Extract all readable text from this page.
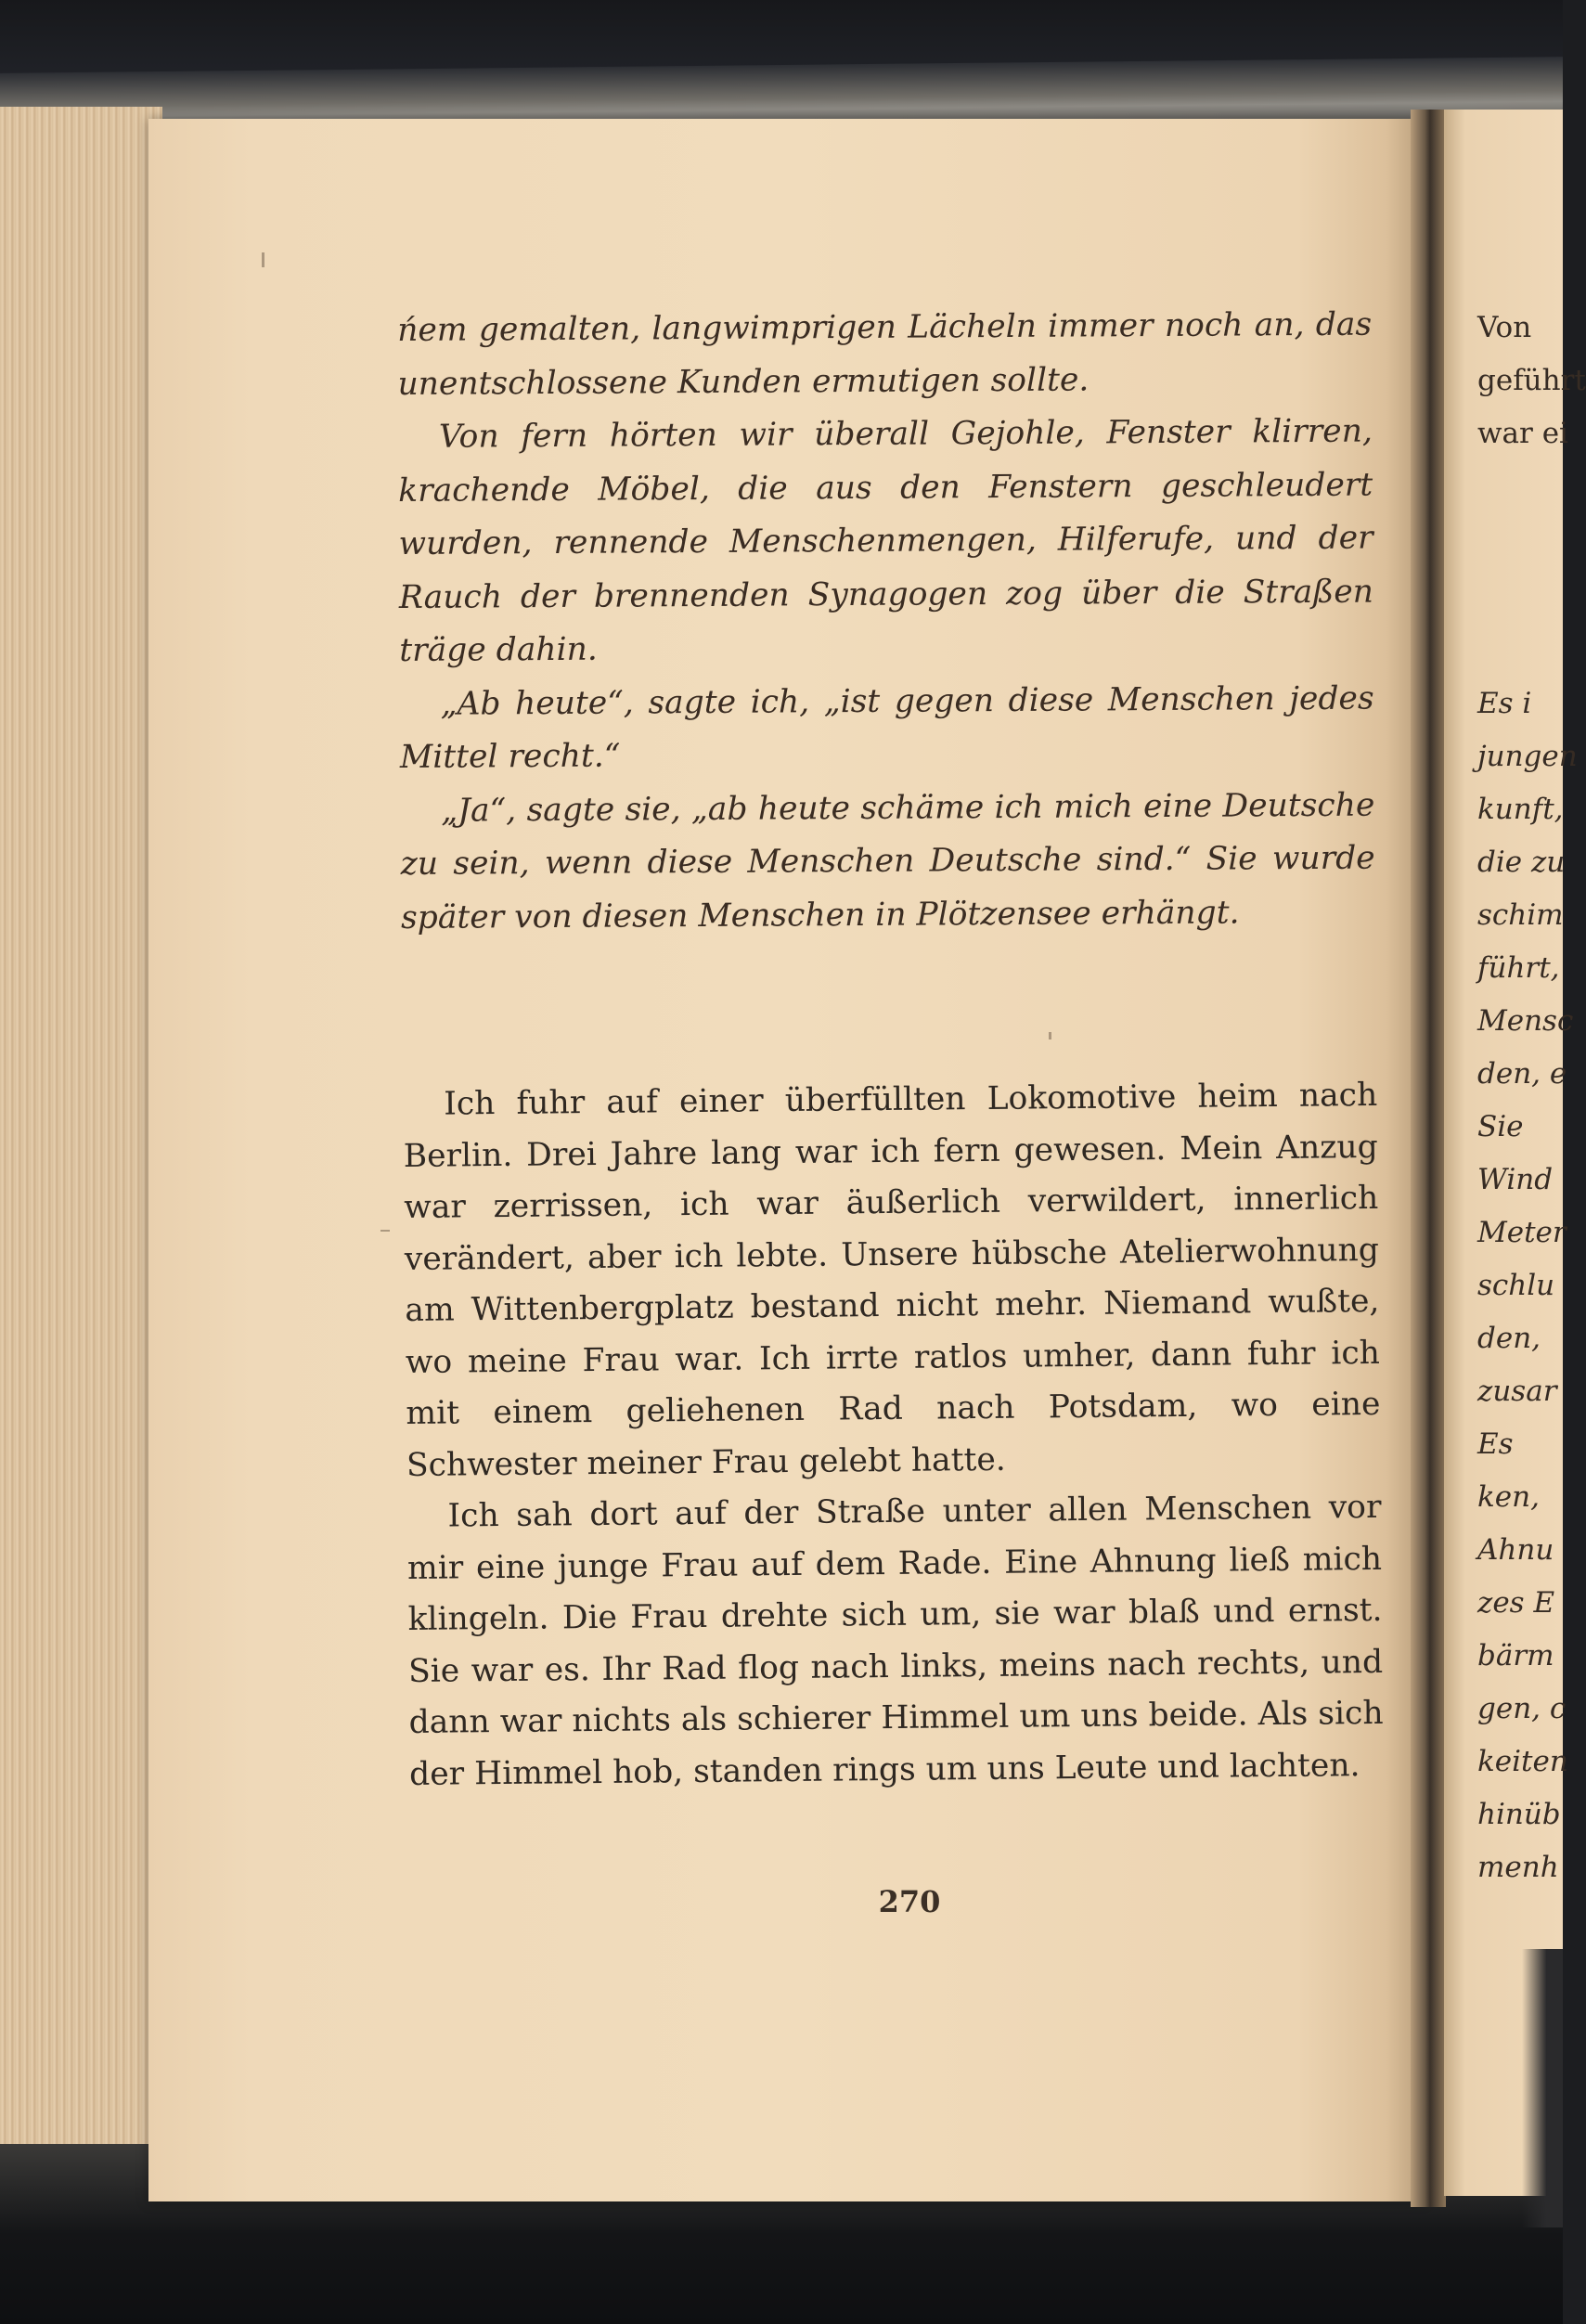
ńem gemalten, langwimprigen Lächeln immer noch an, das unentschlossene Kunden ermutigen sollte.

Von fern hörten wir überall Gejohle, Fenster klirren, krachende Möbel, die aus den Fenstern geschleudert wurden, rennende Menschenmengen, Hilferufe, und der Rauch der brennenden Synagogen zog über die Straßen träge dahin.

„Ab heute“, sagte ich, „ist gegen diese Menschen jedes Mittel recht.“

„Ja“, sagte sie, „ab heute schäme ich mich eine Deutsche zu sein, wenn diese Menschen Deutsche sind.“ Sie wurde später von diesen Menschen in Plötzensee erhängt.

Ich fuhr auf einer überfüllten Lokomotive heim nach Berlin. Drei Jahre lang war ich fern gewesen. Mein Anzug war zerrissen, ich war äußerlich verwildert, innerlich verändert, aber ich lebte. Unsere hübsche Atelierwohnung am Wittenbergplatz bestand nicht mehr. Niemand wußte, wo meine Frau war. Ich irrte ratlos umher, dann fuhr ich mit einem geliehenen Rad nach Potsdam, wo eine Schwester meiner Frau gelebt hatte.

Ich sah dort auf der Straße unter allen Menschen vor mir eine junge Frau auf dem Rade. Eine Ahnung ließ mich klingeln. Die Frau drehte sich um, sie war blaß und ernst. Sie war es. Ihr Rad flog nach links, meins nach rechts, und dann war nichts als schierer Himmel um uns beide. Als sich der Himmel hob, standen rings um uns Leute und lachten.

270
Von
geführt
war ei
Es i
jungen
kunft,
die zu
schim
führt,
Mensc
den, e
Sie
Wind
Meter
schlu
den,
zusar
Es
ken,
Ahnu
zes E
bärm
gen, c
keiten
hinüb
menh
